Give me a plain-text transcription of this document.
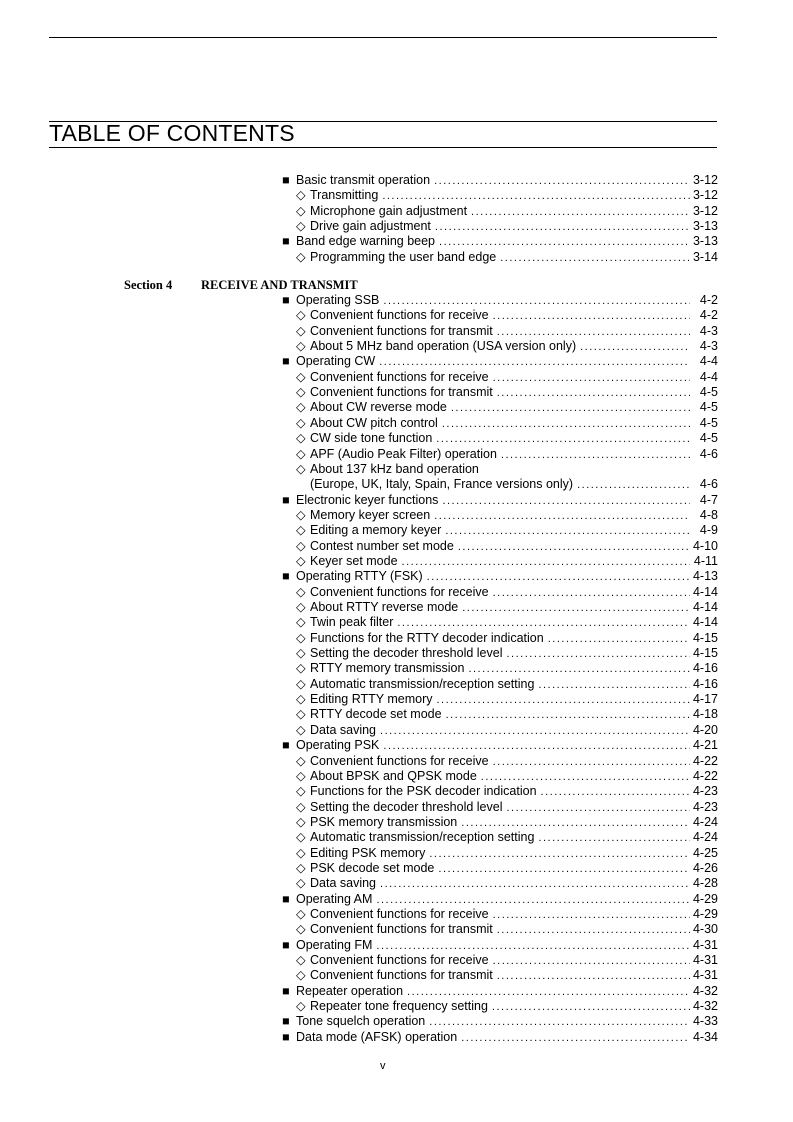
TABLE OF CONTENTS
■ Basic transmit operation .....	3-12
◇ Transmitting .....	3-12
◇ Microphone gain adjustment .....	3-12
◇ Drive gain adjustment .....	3-13
■ Band edge warning beep .....	3-13
◇ Programming the user band edge .....	3-14
Section 4 RECEIVE AND TRANSMIT
■ Operating SSB .....	4-2
◇ Convenient functions for receive .....	4-2
◇ Convenient functions for transmit .....	4-3
◇ About 5 MHz band operation (USA version only) .....	4-3
■ Operating CW .....	4-4
◇ Convenient functions for receive .....	4-4
◇ Convenient functions for transmit .....	4-5
◇ About CW reverse mode .....	4-5
◇ About CW pitch control .....	4-5
◇ CW side tone function .....	4-5
◇ APF (Audio Peak Filter) operation .....	4-6
◇ About 137 kHz band operation
(Europe, UK, Italy, Spain, France versions only) .....	4-6
■ Electronic keyer functions .....	4-7
◇ Memory keyer screen .....	4-8
◇ Editing a memory keyer .....	4-9
◇ Contest number set mode .....	4-10
◇ Keyer set mode .....	4-11
■ Operating RTTY (FSK) .....	4-13
◇ Convenient functions for receive .....	4-14
◇ About RTTY reverse mode .....	4-14
◇ Twin peak filter .....	4-14
◇ Functions for the RTTY decoder indication .....	4-15
◇ Setting the decoder threshold level .....	4-15
◇ RTTY memory transmission .....	4-16
◇ Automatic transmission/reception setting .....	4-16
◇ Editing RTTY memory .....	4-17
◇ RTTY decode set mode .....	4-18
◇ Data saving .....	4-20
■ Operating PSK .....	4-21
◇ Convenient functions for receive .....	4-22
◇ About BPSK and QPSK mode .....	4-22
◇ Functions for the PSK decoder indication .....	4-23
◇ Setting the decoder threshold level .....	4-23
◇ PSK memory transmission .....	4-24
◇ Automatic transmission/reception setting .....	4-24
◇ Editing PSK memory .....	4-25
◇ PSK decode set mode .....	4-26
◇ Data saving .....	4-28
■ Operating AM .....	4-29
◇ Convenient functions for receive .....	4-29
◇ Convenient functions for transmit .....	4-30
■ Operating FM .....	4-31
◇ Convenient functions for receive .....	4-31
◇ Convenient functions for transmit .....	4-31
■ Repeater operation .....	4-32
◇ Repeater tone frequency setting .....	4-32
■ Tone squelch operation .....	4-33
■ Data mode (AFSK) operation .....	4-34
v
